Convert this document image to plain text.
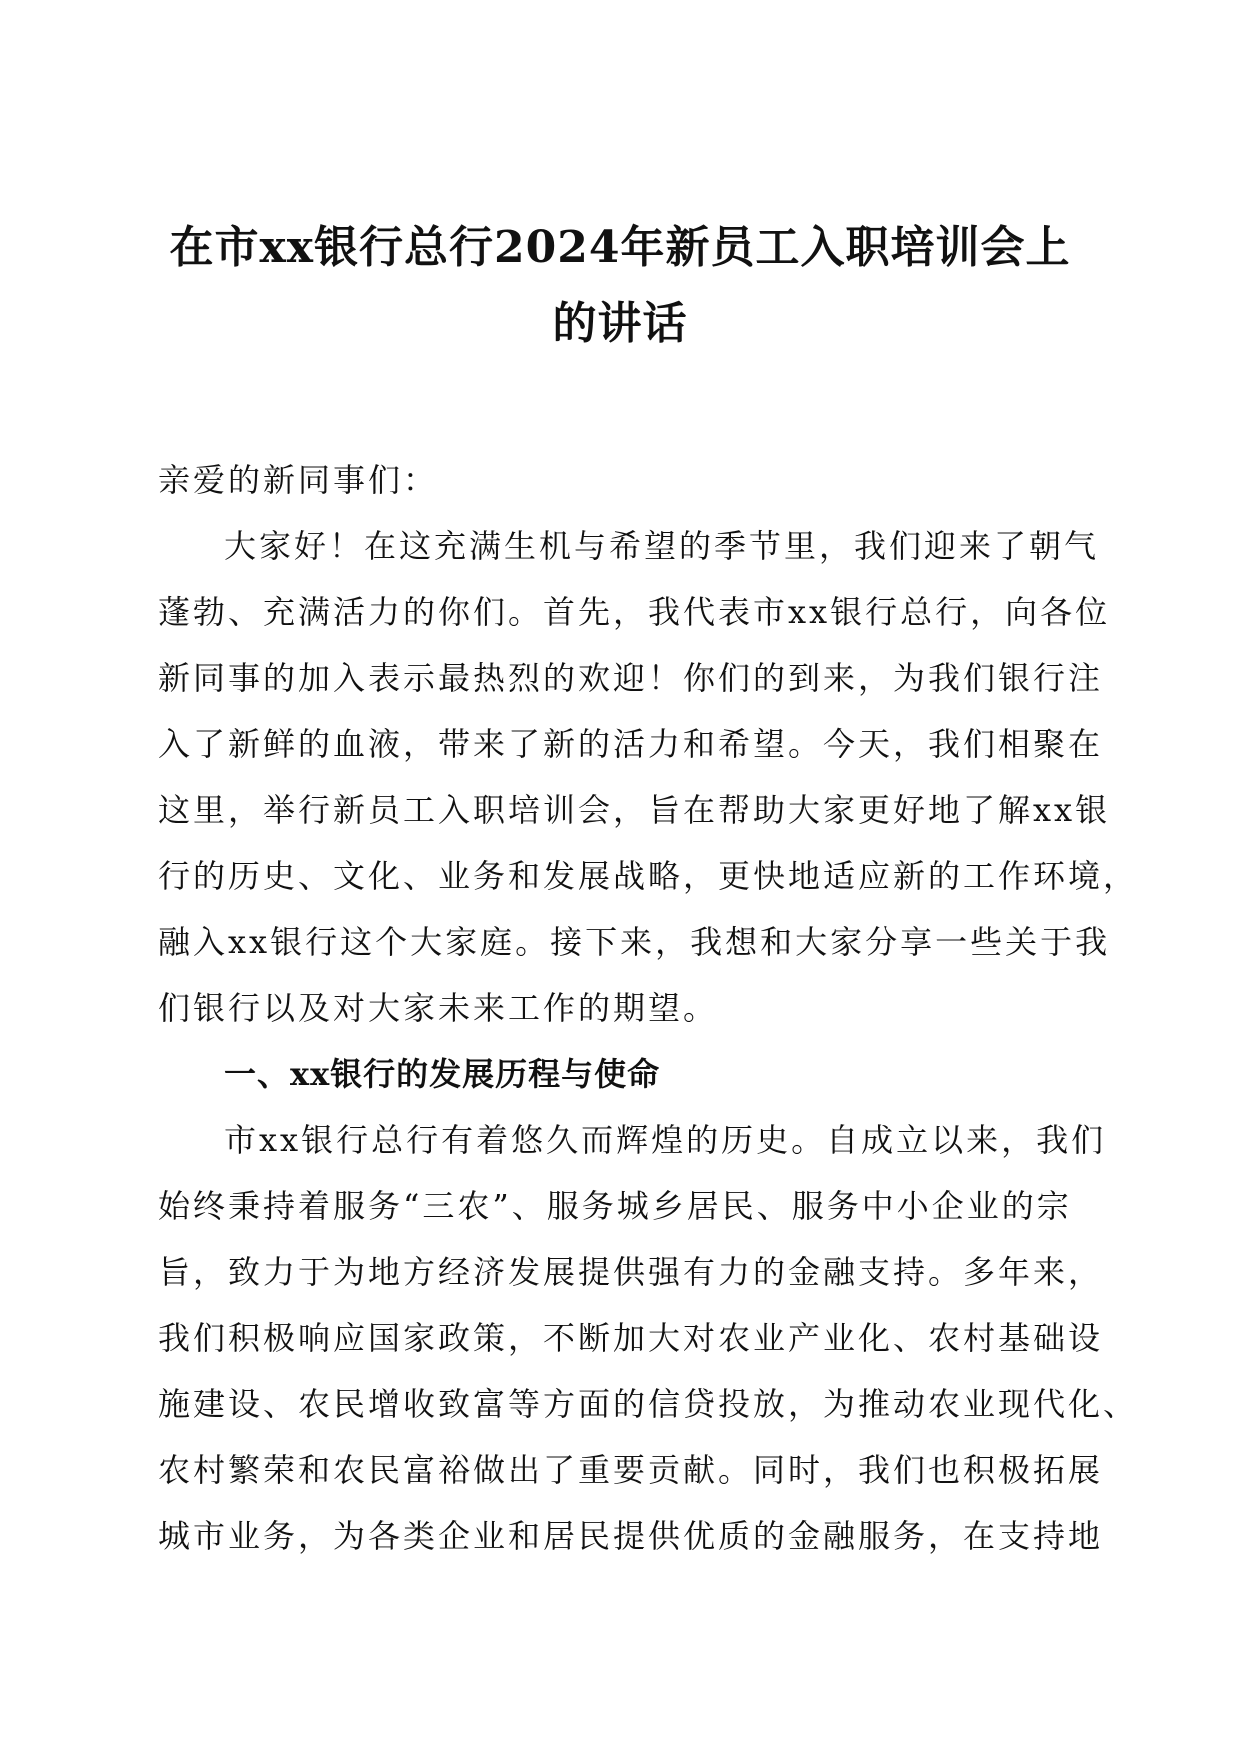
在市xx银行总行2024年新员工入职培训会上
的讲话
亲爱的新同事们：
大家好！在这充满生机与希望的季节里，我们迎来了朝气
蓬勃、充满活力的你们。首先，我代表市xx银行总行，向各位
新同事的加入表示最热烈的欢迎！你们的到来，为我们银行注
入了新鲜的血液，带来了新的活力和希望。今天，我们相聚在
这里，举行新员工入职培训会，旨在帮助大家更好地了解xx银
行的历史、文化、业务和发展战略，更快地适应新的工作环境，
融入xx银行这个大家庭。接下来，我想和大家分享一些关于我
们银行以及对大家未来工作的期望。
一、xx银行的发展历程与使命
市xx银行总行有着悠久而辉煌的历史。自成立以来，我们
始终秉持着服务“三农”、服务城乡居民、服务中小企业的宗
旨，致力于为地方经济发展提供强有力的金融支持。多年来，
我们积极响应国家政策，不断加大对农业产业化、农村基础设
施建设、农民增收致富等方面的信贷投放，为推动农业现代化、
农村繁荣和农民富裕做出了重要贡献。同时，我们也积极拓展
城市业务，为各类企业和居民提供优质的金融服务，在支持地
